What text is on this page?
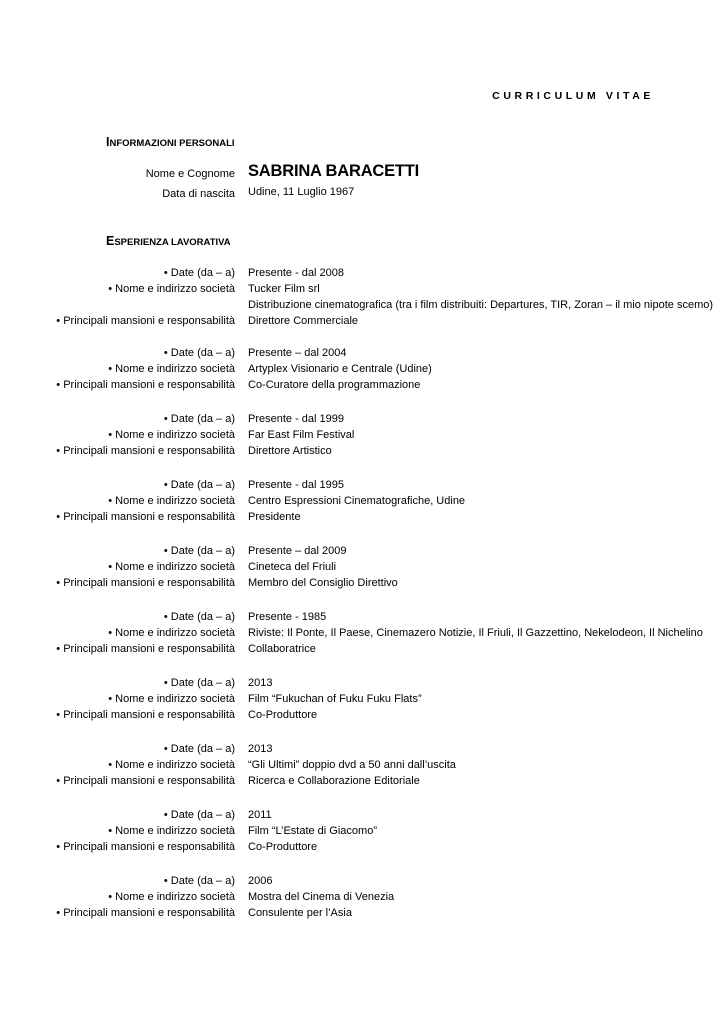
CURRICULUM VITAE
INFORMAZIONI PERSONALI
Nome e Cognome SABRINA BARACETTI
Data di nascita Udine, 11 Luglio 1967
ESPERIENZA LAVORATIVA
• Date (da – a) Presente - dal 2008
• Nome e indirizzo società Tucker Film srl
Distribuzione cinematografica (tra i film distribuiti: Departures, TIR, Zoran – il mio nipote scemo)
• Principali mansioni e responsabilità Direttore Commerciale
• Date (da – a) Presente – dal 2004
• Nome e indirizzo società Artyplex Visionario e Centrale (Udine)
• Principali mansioni e responsabilità Co-Curatore della programmazione
• Date (da – a) Presente - dal 1999
• Nome e indirizzo società Far East Film Festival
• Principali mansioni e responsabilità Direttore Artistico
• Date (da – a) Presente - dal 1995
• Nome e indirizzo società Centro Espressioni Cinematografiche, Udine
• Principali mansioni e responsabilità Presidente
• Date (da – a) Presente – dal 2009
• Nome e indirizzo società Cineteca del Friuli
• Principali mansioni e responsabilità Membro del Consiglio Direttivo
• Date (da – a) Presente - 1985
• Nome e indirizzo società Riviste: Il Ponte, Il Paese, Cinemazero Notizie, Il Friuli, Il Gazzettino, Nekelodeon, Il Nichelino
• Principali mansioni e responsabilità Collaboratrice
• Date (da – a) 2013
• Nome e indirizzo società Film “Fukuchan of Fuku Fuku Flats”
• Principali mansioni e responsabilità Co-Produttore
• Date (da – a) 2013
• Nome e indirizzo società “Gli Ultimi” doppio dvd a 50 anni dall’uscita
• Principali mansioni e responsabilità Ricerca e Collaborazione Editoriale
• Date (da – a) 2011
• Nome e indirizzo società Film “L’Estate di Giacomo”
• Principali mansioni e responsabilità Co-Produttore
• Date (da – a) 2006
• Nome e indirizzo società Mostra del Cinema di Venezia
• Principali mansioni e responsabilità Consulente per l’Asia
